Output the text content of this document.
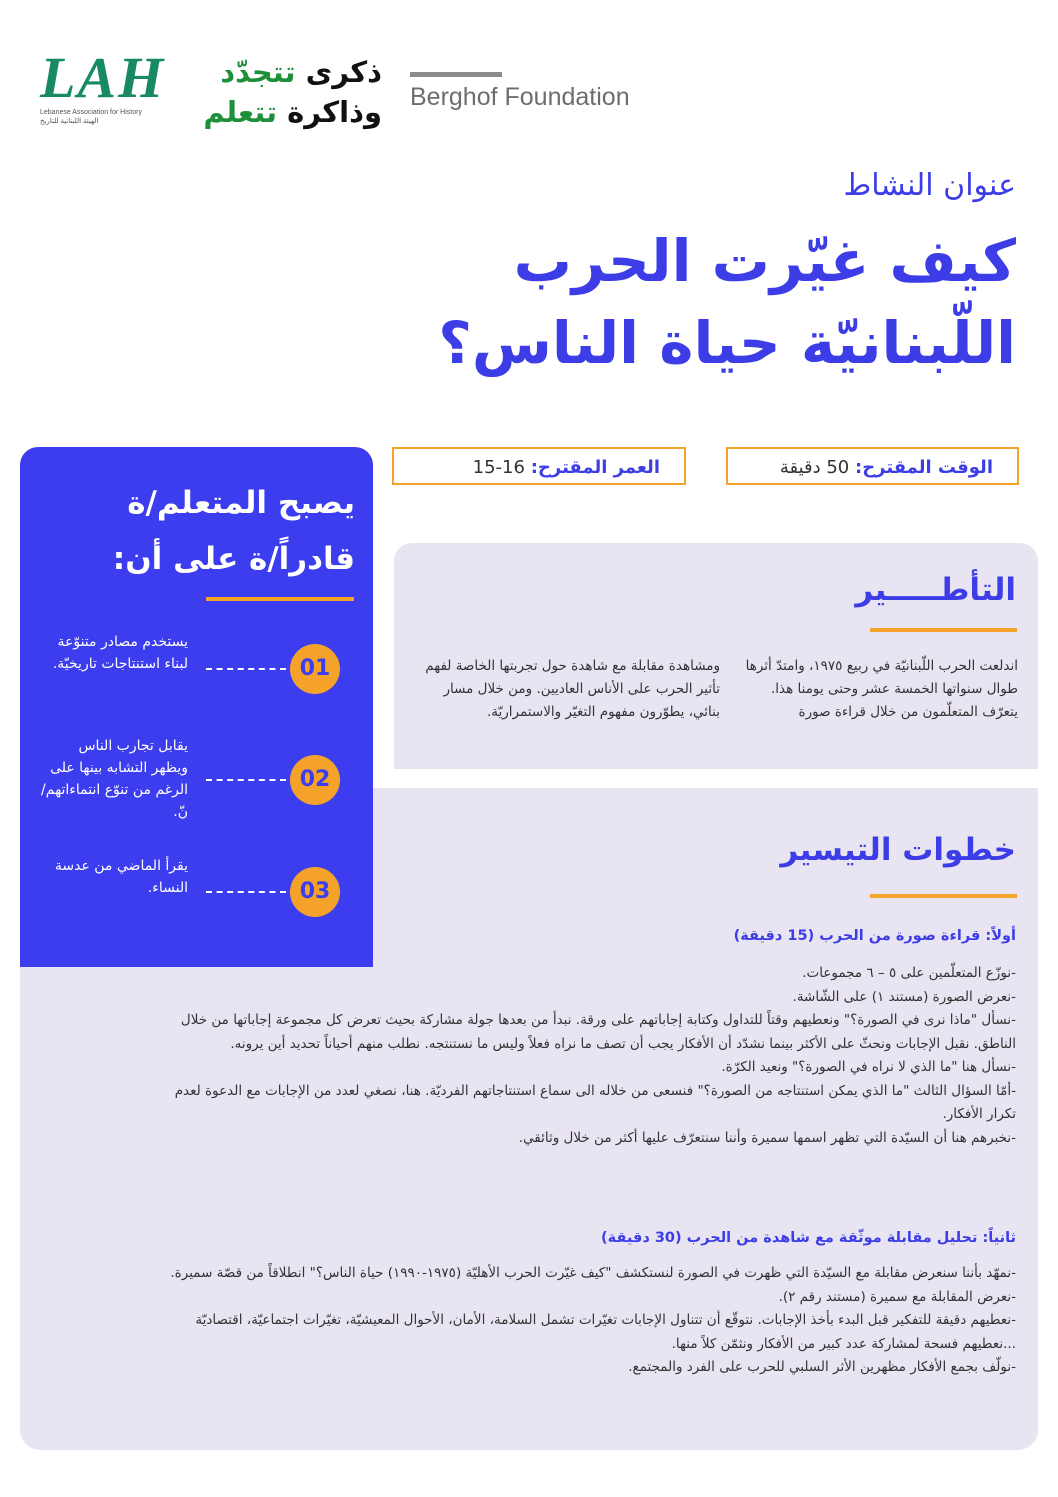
LAH
Lebanese Association for History
الهيئة اللبنانية للتاريخ
ذكرى تتجدّد
وذاكرة تتعلم	Berghof Foundation
عنوان النشاط
كيف غيّرت الحرب
اللّبنانيّة حياة الناس؟
الوقت المقترح: 50 دقيقة
العمر المقترح: 15-16
التأطـــــير
اندلعت الحرب اللّبنانيّة في ربيع ١٩٧٥، وامتدّ أثرها طوال سنواتها الخمسة عشر وحتى يومنا هذا. يتعرّف المتعلّمون من خلال قراءة صورة
ومشاهدة مقابلة مع شاهدة حول تجربتها الخاصة لفهم تأثير الحرب على الأناس العاديين. ومن خلال مسار بنائي، يطوّرون مفهوم التغيّر والاستمراريّة.
خطوات التيسير
أولاً: قراءة صورة من الحرب (15 دقيقة)

-نوزّع المتعلّمين على ٥ – ٦ مجموعات.

-نعرض الصورة (مستند ١) على الشّاشة.

-نسأل "ماذا نرى في الصورة؟" ونعطيهم وقتاً للتداول وكتابة إجاباتهم على ورقة. نبدأ من بعدها جولة مشاركة بحيث تعرض كل مجموعة إجاباتها من خلال الناطق. نقبل الإجابات ونحثّ على الأكثر بينما نشدّد أن الأفكار يجب أن تصف ما نراه فعلاً وليس ما نستنتجه. نطلب منهم أحياناً تحديد أين يرونه.

-نسأل هنا "ما الذي لا نراه في الصورة؟" ونعيد الكرّة.

-أمّا السؤال الثالث "ما الذي يمكن استنتاجه من الصورة؟" فنسعى من خلاله الى سماع استنتاجاتهم الفرديّة. هنا، نصغي لعدد من الإجابات مع الدعوة لعدم تكرار الأفكار.

-نخبرهم هنا أن السيّدة التي تظهر اسمها سميرة وأننا سنتعرّف عليها أكثر من خلال وثائقي.

ثانياً: تحليل مقابلة موثّقة مع شاهدة من الحرب (30 دقيقة)

-نمهّد بأننا سنعرض مقابلة مع السيّدة التي ظهرت في الصورة لنستكشف "كيف غيّرت الحرب الأهليّة (١٩٧٥-١٩٩٠) حياة الناس؟" انطلاقاً من قصّة سميرة.

-نعرض المقابلة مع سميرة (مستند رقم ٢).

-نعطيهم دقيقة للتفكير قبل البدء بأخذ الإجابات. نتوقّع أن تتناول الإجابات تغيّرات تشمل السلامة، الأمان، الأحوال المعيشيّة، تغيّرات اجتماعيّة، اقتصاديّة ...نعطيهم فسحة لمشاركة عدد كبير من الأفكار ونثمّن كلاً منها.

-نولّف بجمع الأفكار مظهرين الأثر السلبي للحرب على الفرد والمجتمع.

يصبح المتعلم/ة
قادراً/ة على أن:
01
يستخدم مصادر متنوّعة لبناء استنتاجات تاريخيّة.
02
يقابل تجارب الناس ويظهر التشابه بينها على الرغم من تنوّع انتماءاتهم/نّ.
03
يقرأ الماضي من عدسة النساء.
